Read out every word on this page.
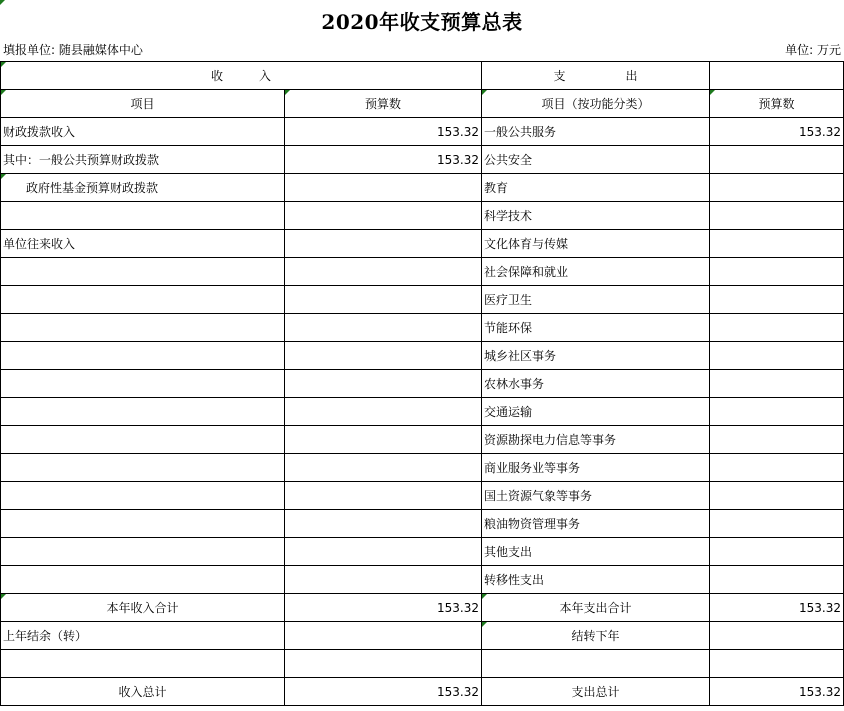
2020年收支预算总表
填报单位: 随县融媒体中心	单位: 万元
收　　　入		支　　　　　出	
项目	预算数	项目（按功能分类）	预算数
财政拨款收入	153.32	一般公共服务	153.32
其中：一般公共预算财政拨款	153.32	公共安全	
政府性基金预算财政拨款		教育	
		科学技术	
单位往来收入		文化体育与传媒	
		社会保障和就业	
		医疗卫生	
		节能环保	
		城乡社区事务	
		农林水事务	
		交通运输	
		资源勘探电力信息等事务	
		商业服务业等事务	
		国土资源气象等事务	
		粮油物资管理事务	
		其他支出	
		转移性支出	
本年收入合计	153.32	本年支出合计	153.32
上年结余（转）		结转下年	

收入总计	153.32	支出总计	153.32
